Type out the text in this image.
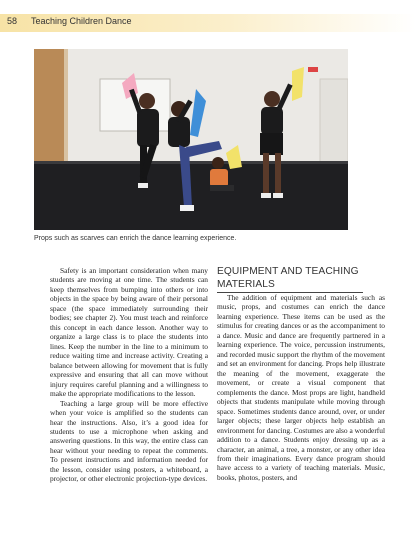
58 Teaching Children Dance
Props such as scarves can enrich the dance learning experience.

Safety is an important consideration when many students are moving at one time. The students can keep themselves from bumping into others or into objects in the space by being aware of their personal space (the space immediately surrounding their bodies; see chapter 2). You must teach and reinforce this concept in each dance lesson. Another way to organize a large class is to place the students into lines. Keep the number in the line to a minimum to reduce waiting time and increase activity. Creating a balance between allowing for movement that is fully expressive and ensuring that all can move without injury requires careful planning and a willingness to make the appropriate modifications to the lesson.

Teaching a large group will be more effective when your voice is amplified so the students can hear the instructions. Also, it’s a good idea for students to use a microphone when asking and answering questions. In this way, the entire class can hear without your needing to repeat the comments. To present instructions and information needed for the lesson, consider using posters, a whiteboard, a projector, or other electronic projection-type devices.

EQUIPMENT AND TEACHING MATERIALS

The addition of equipment and materials such as music, props, and costumes can enrich the dance learning experience. These items can be used as the stimulus for creating dances or as the accompaniment to a dance. Music and dance are frequently partnered in a learning experience. The voice, percussion instruments, and recorded music support the rhythm of the movement and set an environment for dancing. Props help illustrate the meaning of the movement, exaggerate the movement, or create a visual component that complements the dance. Most props are light, handheld objects that students manipulate while moving through space. Sometimes students dance around, over, or under larger objects; these larger objects help establish an environment for dancing. Costumes are also a wonderful addition to a dance. Students enjoy dressing up as a character, an animal, a tree, a monster, or any other idea from their imaginations. Every dance program should have access to a variety of teaching materials. Music, books, photos, posters, and
